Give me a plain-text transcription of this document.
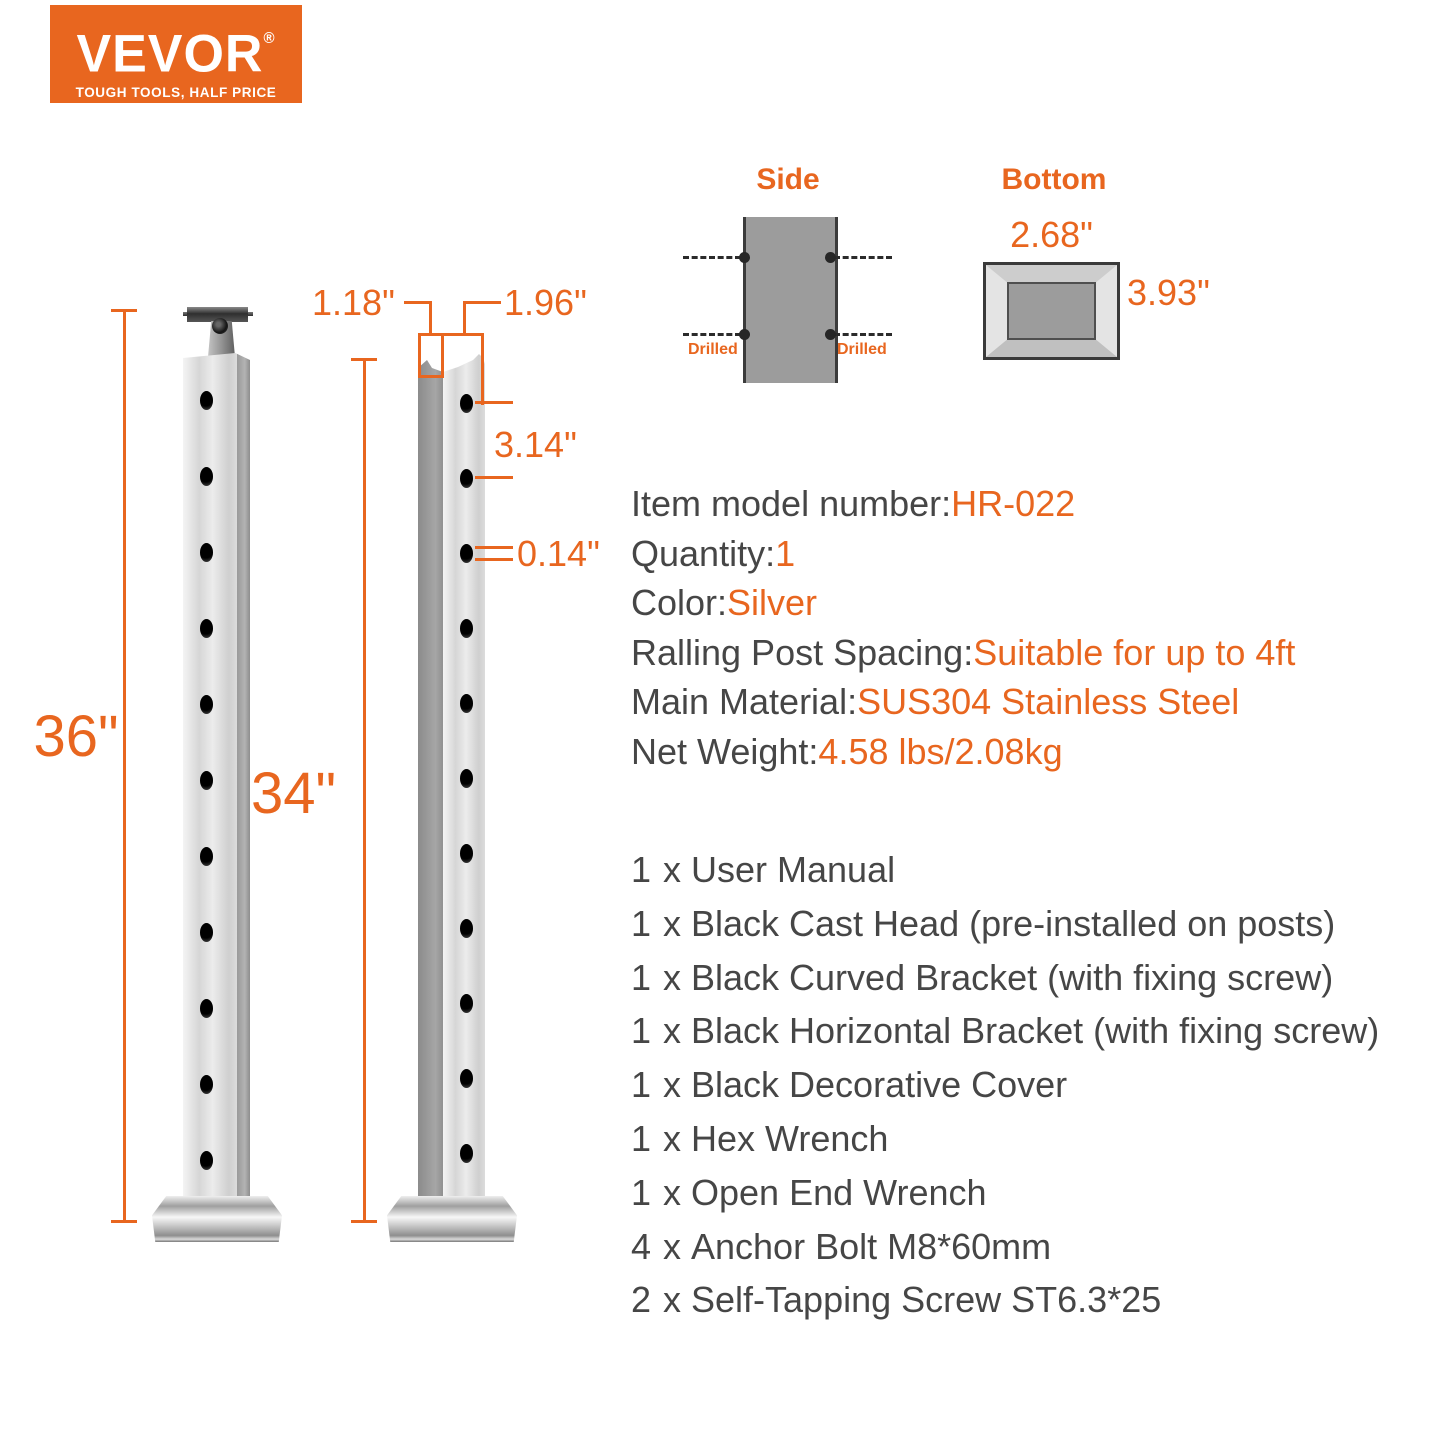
VEVOR®
TOUGH TOOLS, HALF PRICE
36"
34"
1.18"	1.96"
3.14"
0.14"
Side
Drilled	Drilled
Bottom
2.68"
3.93"
Item model number:HR-022
Quantity:1
Color:Silver
Ralling Post Spacing:Suitable for up to 4ft
Main Material:SUS304 Stainless Steel
Net Weight:4.58 lbs/2.08kg
1 x User Manual
1 x Black Cast Head (pre-installed on posts)
1 x Black Curved Bracket (with fixing screw)
1 x Black Horizontal Bracket (with fixing screw)
1 x Black Decorative Cover
1 x Hex Wrench
1 x Open End Wrench
4 x Anchor Bolt M8*60mm
2 x Self-Tapping Screw ST6.3*25
